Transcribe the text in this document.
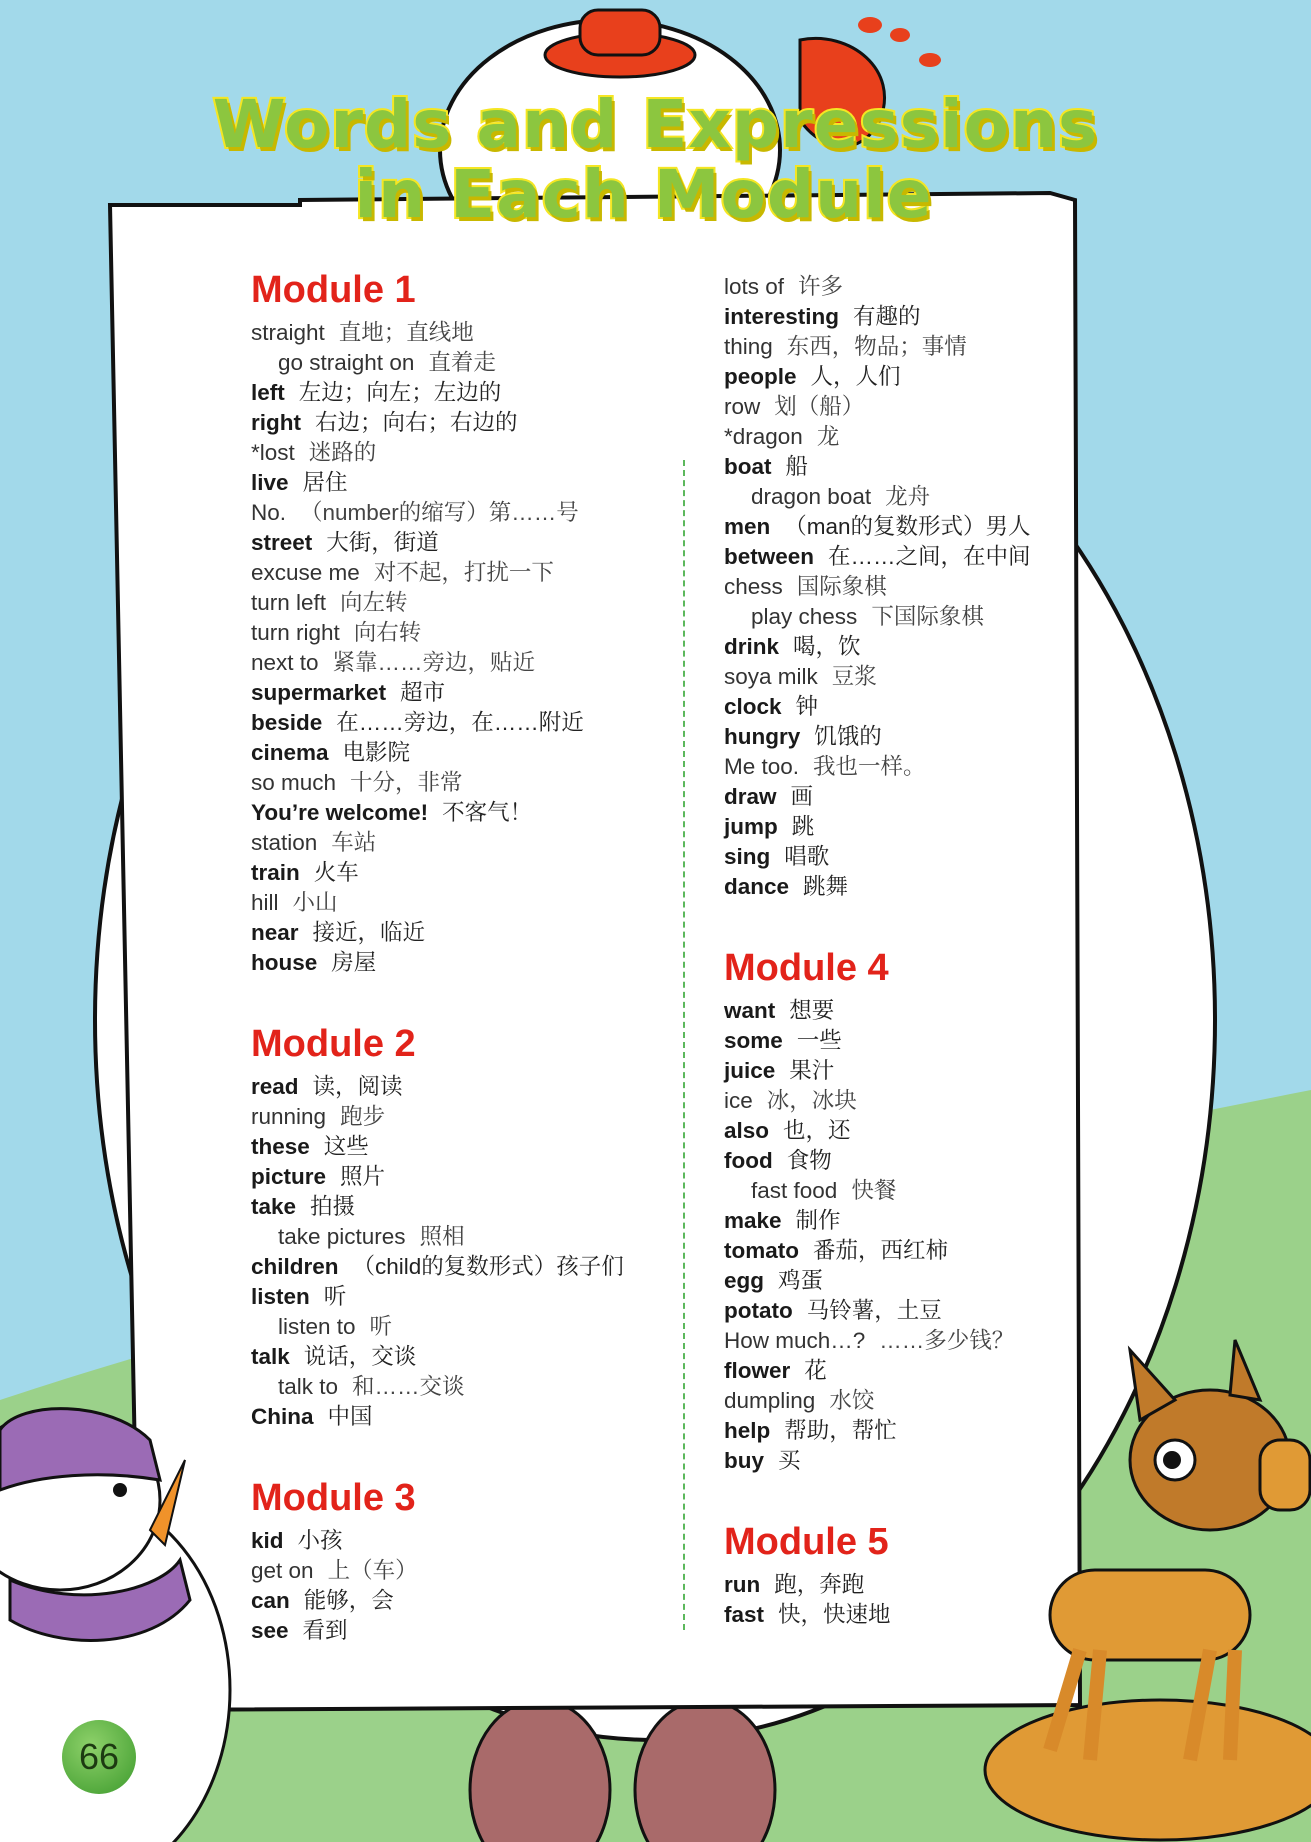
Words and Expressions
in Each Module
Module 1
straight 直地；直线地
go straight on 直着走
left 左边；向左；左边的
right 右边；向右；右边的
*lost 迷路的
live 居住
No. （number的缩写）第……号
street 大街，街道
excuse me 对不起，打扰一下
turn left 向左转
turn right 向右转
next to 紧靠……旁边，贴近
supermarket 超市
beside 在……旁边，在……附近
cinema 电影院
so much 十分，非常
You’re welcome! 不客气！
station 车站
train 火车
hill 小山
near 接近，临近
house 房屋
Module 2
read 读，阅读
running 跑步
these 这些
picture 照片
take 拍摄
take pictures 照相
children （child的复数形式）孩子们
listen 听
listen to 听
talk 说话，交谈
talk to 和……交谈
China 中国
Module 3
kid 小孩
get on 上（车）
can 能够，会
see 看到
lots of 许多
interesting 有趣的
thing 东西，物品；事情
people 人，人们
row 划（船）
*dragon 龙
boat 船
dragon boat 龙舟
men （man的复数形式）男人
between 在……之间，在中间
chess 国际象棋
play chess 下国际象棋
drink 喝，饮
soya milk 豆浆
clock 钟
hungry 饥饿的
Me too. 我也一样。
draw 画
jump 跳
sing 唱歌
dance 跳舞
Module 4
want 想要
some 一些
juice 果汁
ice 冰，冰块
also 也，还
food 食物
fast food 快餐
make 制作
tomato 番茄，西红柿
egg 鸡蛋
potato 马铃薯，土豆
How much…? ……多少钱？
flower 花
dumpling 水饺
help 帮助，帮忙
buy 买
Module 5
run 跑，奔跑
fast 快，快速地
66
